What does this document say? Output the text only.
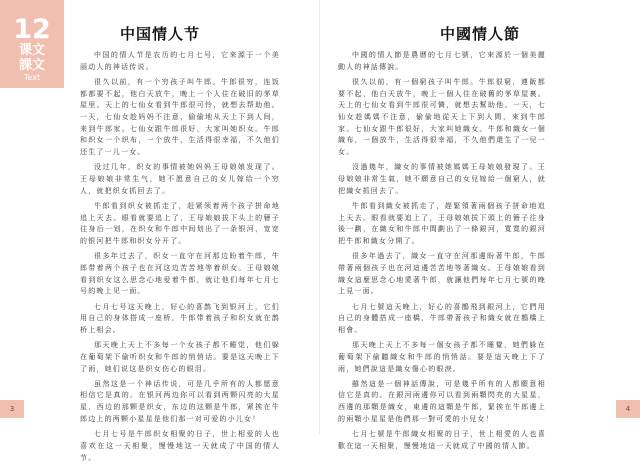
12
课文
課文
Text
中国情人节

中国的情人节是农历的七月七号，它来源于一个美丽动人的神话传说。

很久以前，有一个穷孩子叫牛郎。牛郎很穷，连饭都都要不起，他白天放牛，晚上一个人住在破旧的茅草屋里。天上的七仙女看到牛郎很可怜，就想去帮助他。一天，七仙女趁妈妈不注意，偷偷地从天上下到人间，来到牛郎家。七仙女跟牛郎很好，大家叫她织女。牛郎和织女一个织布，一个放牛，生活得很幸福，不久他们还生了一儿一女。

没过几年，织女的事情被她妈妈王母娘娘发现了。王母娘娘非常生气，她不愿意自己的女儿嫁给一个穷人，就把织女抓回去了。

牛郎看到织女被抓走了，赶紧领着两个孩子拼命地追上天去。眼看就要追上了，王母娘娘拔下头上的簪子往身后一划，在织女和牛郎中间划出了一条银河，宽宽的银河把牛郎和织女分开了。

很多年过去了，织女一直守在河那边盼着牛郎，牛郎带着两个孩子也在河这边苦苦地等着织女。王母娘娘看到织女这么思念心地爱着牛郎，就让他们每年七月七号的晚上见一面。

七月七号这天晚上，好心的喜鹊飞到银河上，它们用自己的身体搭成一座桥，牛郎带着孩子和织女就在鹊桥上相会。

那天晚上天上不多每一个女孩子都不睡觉，他们躲在葡萄架下偷听织女和牛郎的悄悄话。要是这天晚上下了雨，她们说这是织女伤心的眼泪。

虽然这是一个神话传说，可是几乎所有的人都愿意相信它是真的。在银河两边你可以看到两颗闪亮的大星星，西边的那颗是织女，东边的这颗是牛郎，紧挨在牛郎边上的两颗小星星是他们那一对可爱的小儿女！

七月七号是牛郎织女相聚的日子，世上相爱的人也喜欢在这一天相聚，慢慢地这一天就成了中国的情人节。

中國情人節

中國的情人節是農曆的七月七號，它來源於一個美麗動人的神話傳說。

很久以前，有一個窮孩子叫牛郎。牛郎很窮，連飯都要不起，他白天放牛，晚上一個人住在破舊的茅草屋裏。天上的七仙女看到牛郎很可憐，就想去幫助他。一天，七仙女趁媽媽不注意，偷偷地從天上下到人間，來到牛郎家。七仙女跟牛郎很好，大家叫她織女。牛郎和織女一個織布，一個放牛，生活得很幸福，不久他們還生了一兒一女。

沒過幾年，織女的事情被她媽媽王母娘娘發現了。王母娘娘非常生氣，她不願意自己的女兒嫁給一個窮人，就把織女抓回去了。

牛郎看到織女被抓走了，趕緊領著兩個孩子拼命地追上天去。眼看就要追上了，王母娘娘拔下頭上的簪子往身後一劃，在織女和牛郎中間劃出了一條銀河，寬寬的銀河把牛郎和織女分開了。

很多年過去了，織女一直守在河那邊盼著牛郎，牛郎帶著兩個孩子也在河這邊苦苦地等著織女。王母娘娘看到織女這麼思念心地愛著牛郎，就讓他們每年七月七號的晚上見一面。

七月七號這天晚上，好心的喜鵲飛到銀河上，它們用自己的身體搭成一座橋，牛郎帶著孩子和織女就在鵲橋上相會。

那天晚上天上不多每一個女孩子都不睡覺，她們躲在葡萄架下偷聽織女和牛郎的悄悄話。要是這天晚上下了雨，她們說這是織女傷心的眼淚。

雖然這是一個神話傳說，可是幾乎所有的人都願意相信它是真的。在銀河兩邊你可以看到兩顆閃亮的大星星，西邊的那顆是織女，東邊的這顆是牛郎，緊挨在牛郎邊上的兩顆小星星是他們那一對可愛的小兒女！

七月七號是牛郎織女相聚的日子，世上相愛的人也喜歡在這一天相聚，慢慢地這一天就成了中國的情人節。

3	4
